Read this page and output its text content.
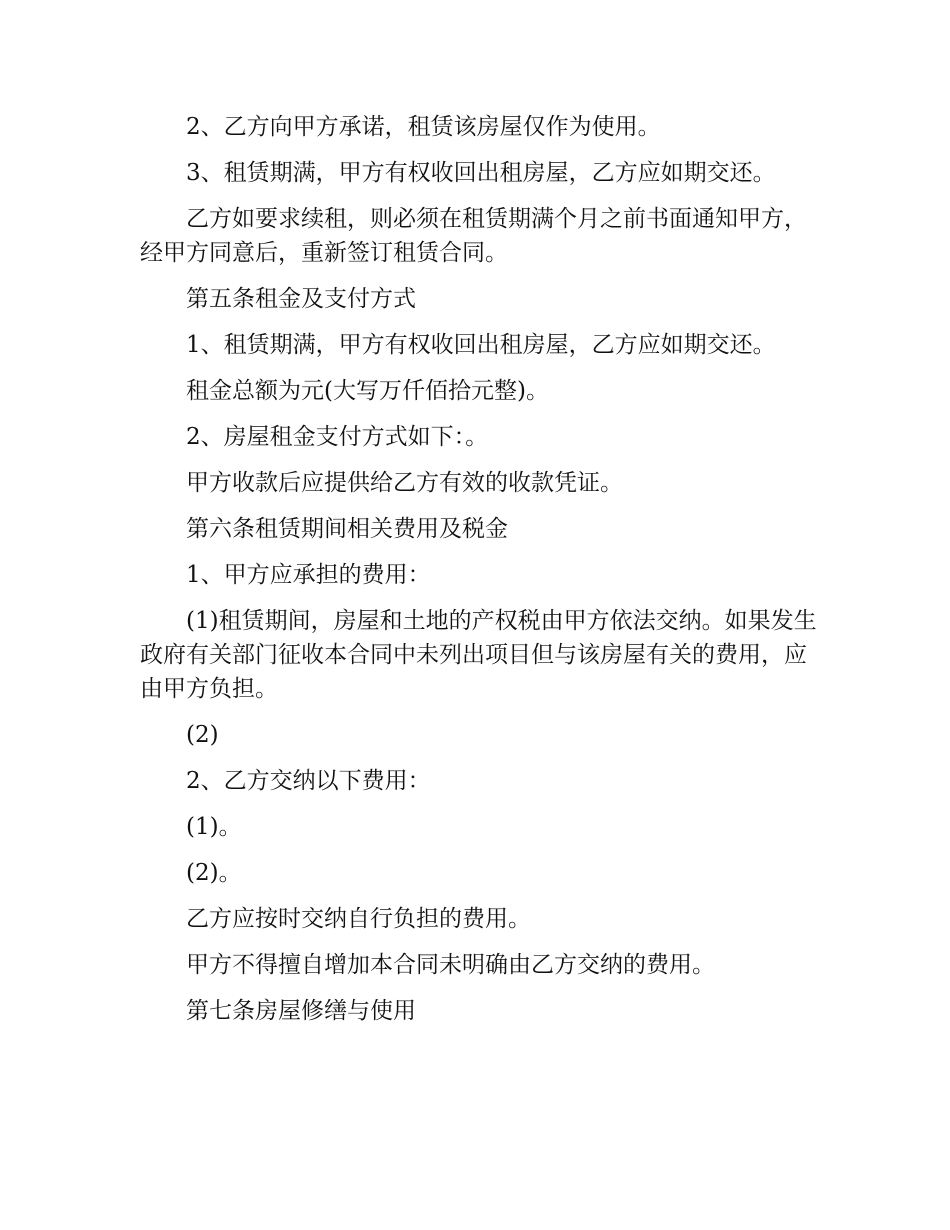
2、乙方向甲方承诺，租赁该房屋仅作为使用。

3、租赁期满，甲方有权收回出租房屋，乙方应如期交还。

乙方如要求续租，则必须在租赁期满个月之前书面通知甲方，经甲方同意后，重新签订租赁合同。

第五条租金及支付方式

1、租赁期满，甲方有权收回出租房屋，乙方应如期交还。

租金总额为元(大写万仟佰拾元整)。

2、房屋租金支付方式如下：。

甲方收款后应提供给乙方有效的收款凭证。

第六条租赁期间相关费用及税金

1、甲方应承担的费用：

(1)租赁期间，房屋和土地的产权税由甲方依法交纳。如果发生政府有关部门征收本合同中未列出项目但与该房屋有关的费用，应由甲方负担。

(2)

2、乙方交纳以下费用：

(1)。

(2)。

乙方应按时交纳自行负担的费用。

甲方不得擅自增加本合同未明确由乙方交纳的费用。

第七条房屋修缮与使用
